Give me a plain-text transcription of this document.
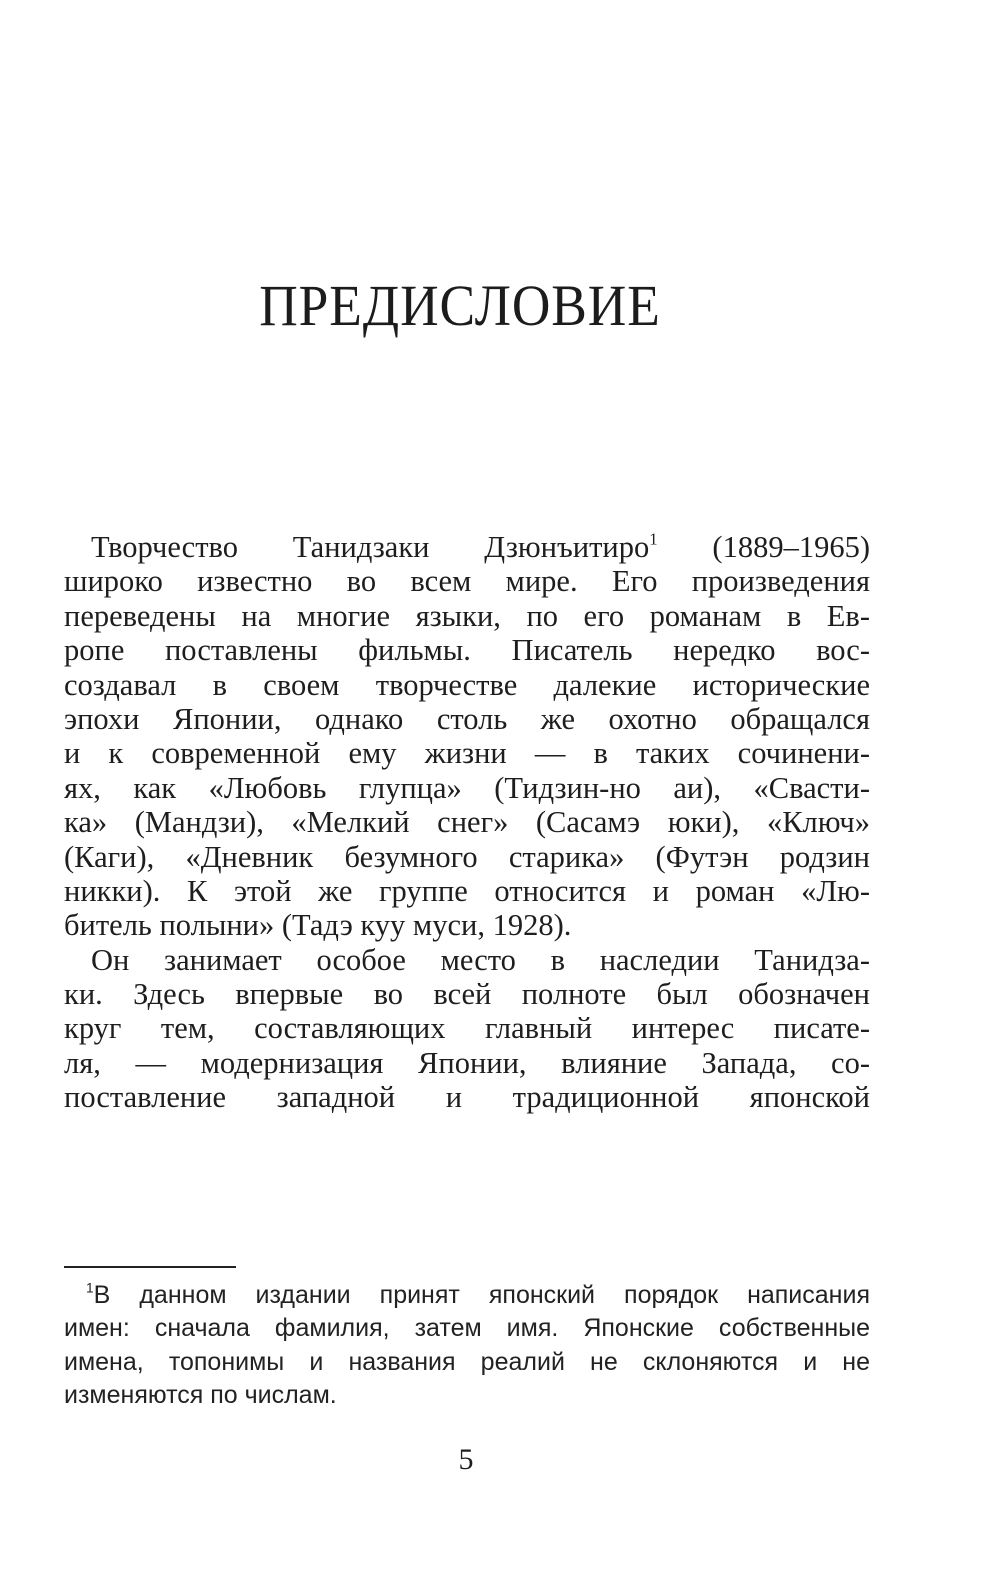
ПРЕДИСЛОВИЕ
Творчество Танидзаки Дзюнъитиро$^1$ (1889–1965)
широко известно во всем мире. Его произведения
переведены на многие языки, по его романам в Ев-
ропе поставлены фильмы. Писатель нередко вос-
создавал в своем творчестве далекие исторические
эпохи Японии, однако столь же охотно обращался
и к современной ему жизни — в таких сочинени-
ях, как «Любовь глупца» (Тидзин-но аи), «Свасти-
ка» (Мандзи), «Мелкий снег» (Сасамэ юки), «Ключ»
(Каги), «Дневник безумного старика» (Футэн родзин
никки). К этой же группе относится и роман «Лю-
битель полыни» (Тадэ куу муси, 1928).
Он занимает особое место в наследии Танидза-
ки. Здесь впервые во всей полноте был обозначен
круг тем, составляющих главный интерес писате-
ля, — модернизация Японии, влияние Запада, со-
поставление западной и традиционной японской
$^1$В данном издании принят японский порядок написания
имен: сначала фамилия, затем имя. Японские собственные
имена, топонимы и названия реалий не склоняются и не
изменяются по числам.
5
